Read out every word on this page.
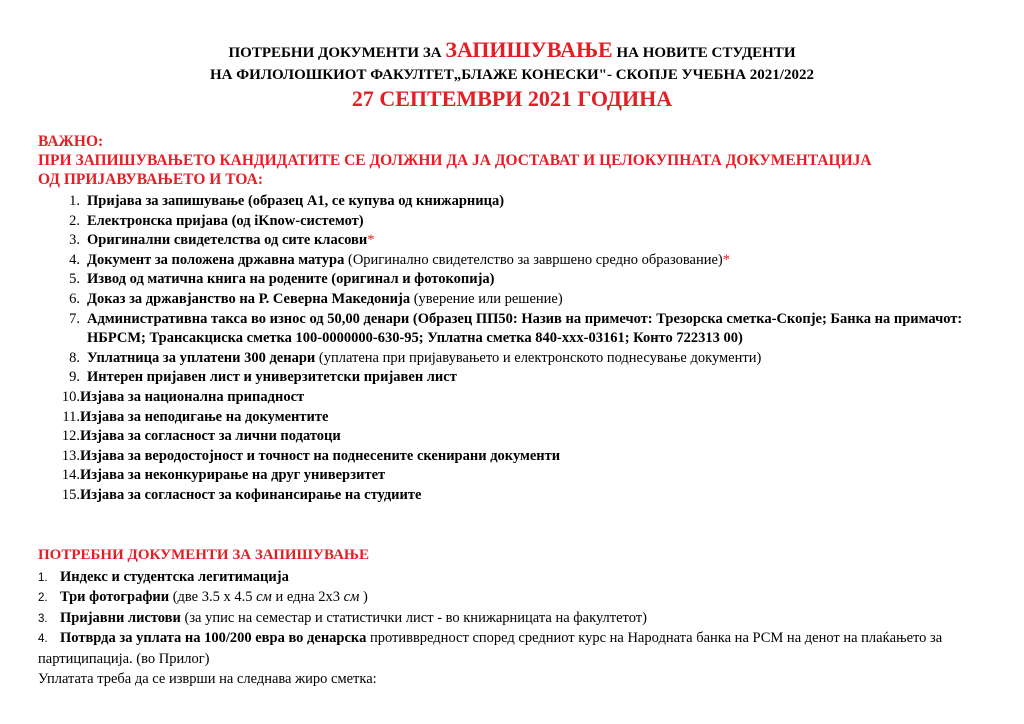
ПОТРЕБНИ ДОКУМЕНТИ ЗА ЗАПИШУВАЊЕ НА НОВИТЕ СТУДЕНТИ
НА ФИЛОЛОШКИОТ ФАКУЛТЕТ„БЛАЖЕ КОНЕСКИ"- СКОПЈЕ УЧЕБНА 2021/2022
27 СЕПТЕМВРИ 2021 ГОДИНА
ВАЖНО:
ПРИ ЗАПИШУВАЊЕТО КАНДИДАТИТЕ СЕ ДОЛЖНИ ДА ЈА ДОСТАВАТ И ЦЕЛОКУПНАТА ДОКУМЕНТАЦИЈА
ОД ПРИЈАВУВАЊЕТО И ТОА:
1. Пријава за запишување (образец А1, се купува од книжарница)
2. Електронска пријава (од iKnow-системот)
3. Оригинални свидетелства од сите класови*
4. Документ за положена државна матура (Оригинално свидетелство за завршено средно образование)*
5. Извод од матична книга на родените (оригинал и фотокопија)
6. Доказ за државјанство на Р. Северна Македонија (уверение или решение)
7. Административна такса во износ од 50,00 денари (Образец ПП50: Назив на примечот: Трезорска сметка-Скопје; Банка на примачот: НБРСМ; Трансакциска сметка 100-0000000-630-95; Уплатна сметка 840-ххх-03161; Конто 722313 00)
8. Уплатница за уплатени 300 денари (уплатена при пријавувањето и електронското поднесување документи)
9. Интерен пријавен лист и универзитетски пријавен лист
10. Изјава за национална припадност
11. Изјава за неподигање на документите
12. Изјава за согласност за лични податоци
13. Изјава за веродостојност и точност на поднесените скенирани документи
14. Изјава за неконкурирање на друг универзитет
15. Изјава за согласност за кофинансирање на студиите
ПОТРЕБНИ ДОКУМЕНТИ ЗА ЗАПИШУВАЊЕ
1. Индекс и студентска легитимација
2. Три фотографии (две 3.5 х 4.5 см и една 2х3 см )
3. Пријавни листови (за упис на семестар и статистички лист - во книжарницата на факултетот)
4. Потврда за уплата на 100/200 евра во денарска противвредност според средниот курс на Народната банка на РСМ на денот на плаќањето за партиципација. (во Прилог)
Уплатата треба да се изврши на следнава жиро сметка:
